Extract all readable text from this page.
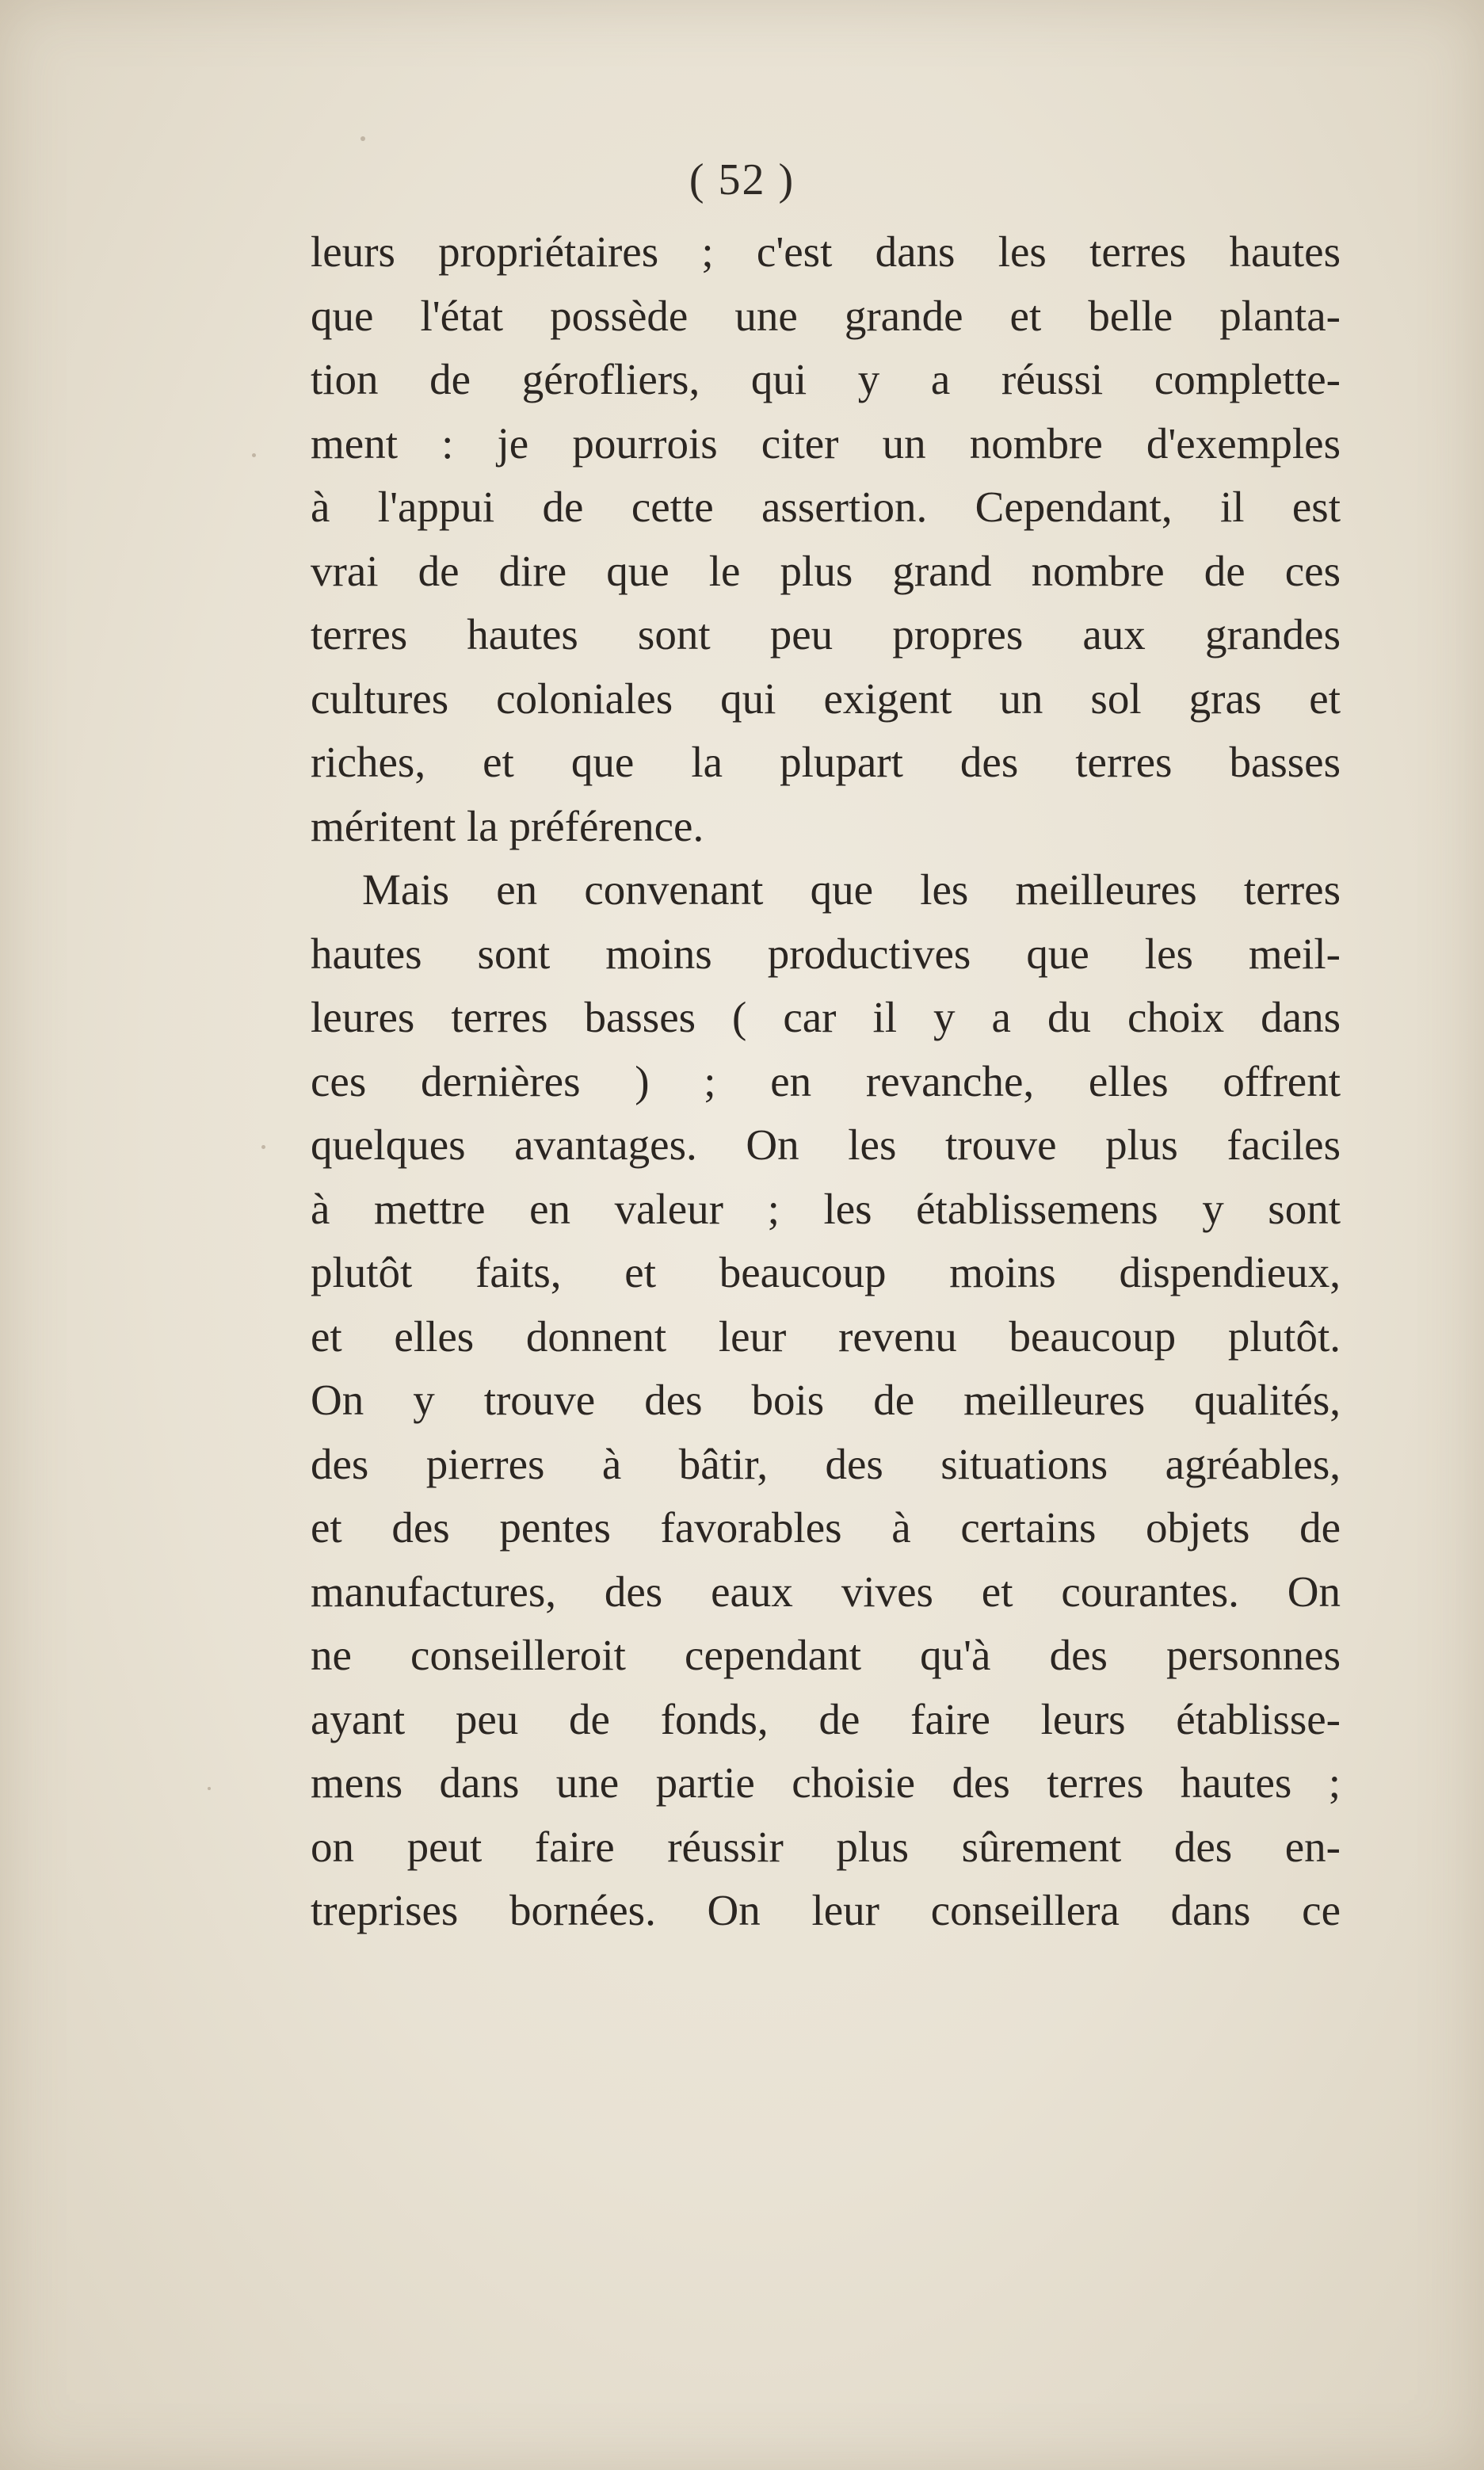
( 52 )
leurs propriétaires ; c'est dans les terres hautes
que l'état possède une grande et belle planta-
tion de gérofliers, qui y a réussi complette-
ment : je pourrois citer un nombre d'exemples
à l'appui de cette assertion. Cependant, il est
vrai de dire que le plus grand nombre de ces
terres hautes sont peu propres aux grandes
cultures coloniales qui exigent un sol gras et
riches, et que la plupart des terres basses
méritent la préférence.
Mais en convenant que les meilleures terres
hautes sont moins productives que les meil-
leures terres basses ( car il y a du choix dans
ces dernières ) ; en revanche, elles offrent
quelques avantages. On les trouve plus faciles
à mettre en valeur ; les établissemens y sont
plutôt faits, et beaucoup moins dispendieux,
et elles donnent leur revenu beaucoup plutôt.
On y trouve des bois de meilleures qualités,
des pierres à bâtir, des situations agréables,
et des pentes favorables à certains objets de
manufactures, des eaux vives et courantes. On
ne conseilleroit cependant qu'à des personnes
ayant peu de fonds, de faire leurs établisse-
mens dans une partie choisie des terres hautes ;
on peut faire réussir plus sûrement des en-
treprises bornées. On leur conseillera dans ce
